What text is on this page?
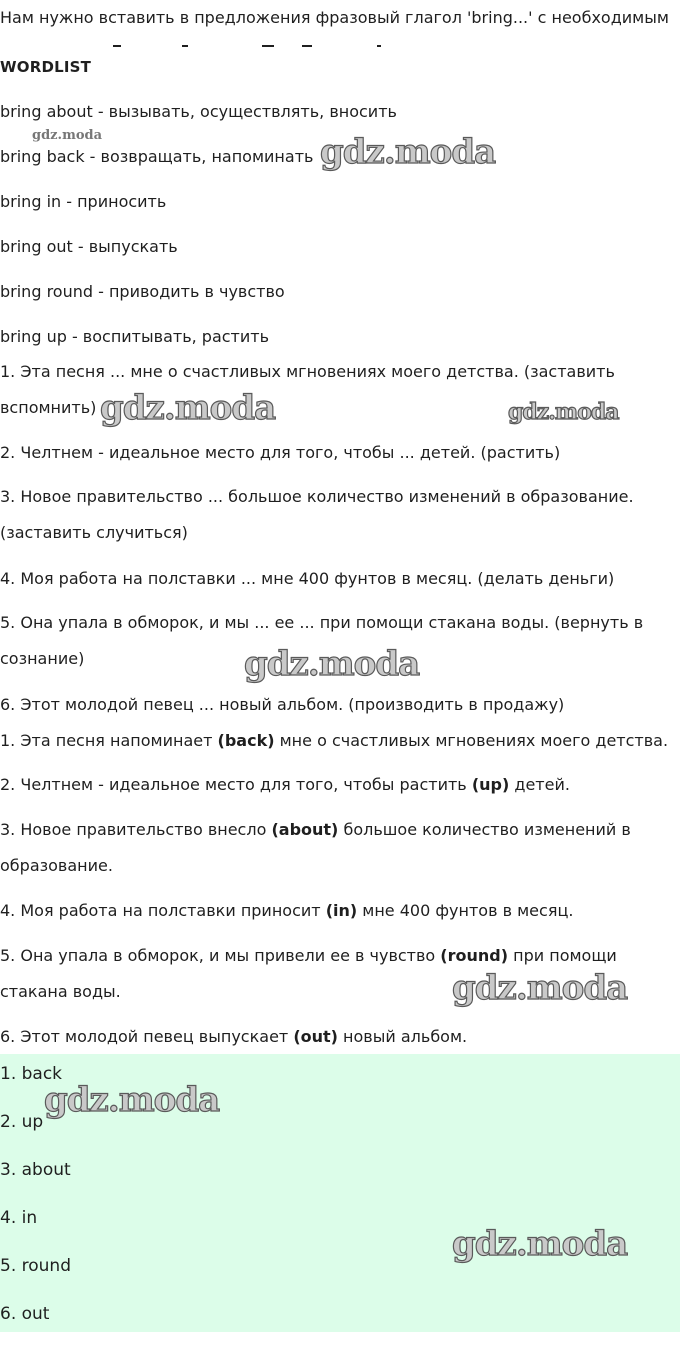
Нам нужно вставить в предложения фразовый глагол 'bring...' с необходимым
WORDLIST
bring about - вызывать, осуществлять, вносить
bring back - возвращать, напоминать
bring in - приносить
bring out - выпускать
bring round - приводить в чувство
bring up - воспитывать, растить
1. Эта песня ... мне о счастливых мгновениях моего детства. (заставить вспомнить)
2. Челтнем - идеальное место для того, чтобы ... детей. (растить)
3. Новое правительство ... большое количество изменений в образование. (заставить случиться)
4. Моя работа на полставки ... мне 400 фунтов в месяц. (делать деньги)
5. Она упала в обморок, и мы ... ее ... при помощи стакана воды. (вернуть в сознание)
6. Этот молодой певец ... новый альбом. (производить в продажу)
1. Эта песня напоминает (back) мне о счастливых мгновениях моего детства.
2. Челтнем - идеальное место для того, чтобы растить (up) детей.
3. Новое правительство внесло (about) большое количество изменений в образование.
4. Моя работа на полставки приносит (in) мне 400 фунтов в месяц.
5. Она упала в обморок, и мы привели ее в чувство (round) при помощи стакана воды.
6. Этот молодой певец выпускает (out) новый альбом.
1. back
2. up
3. about
4. in
5. round
6. out
gdz.moda	gdz.moda
gdz.moda	gdz.moda
gdz.moda
gdz.moda
gdz.moda
gdz.moda
